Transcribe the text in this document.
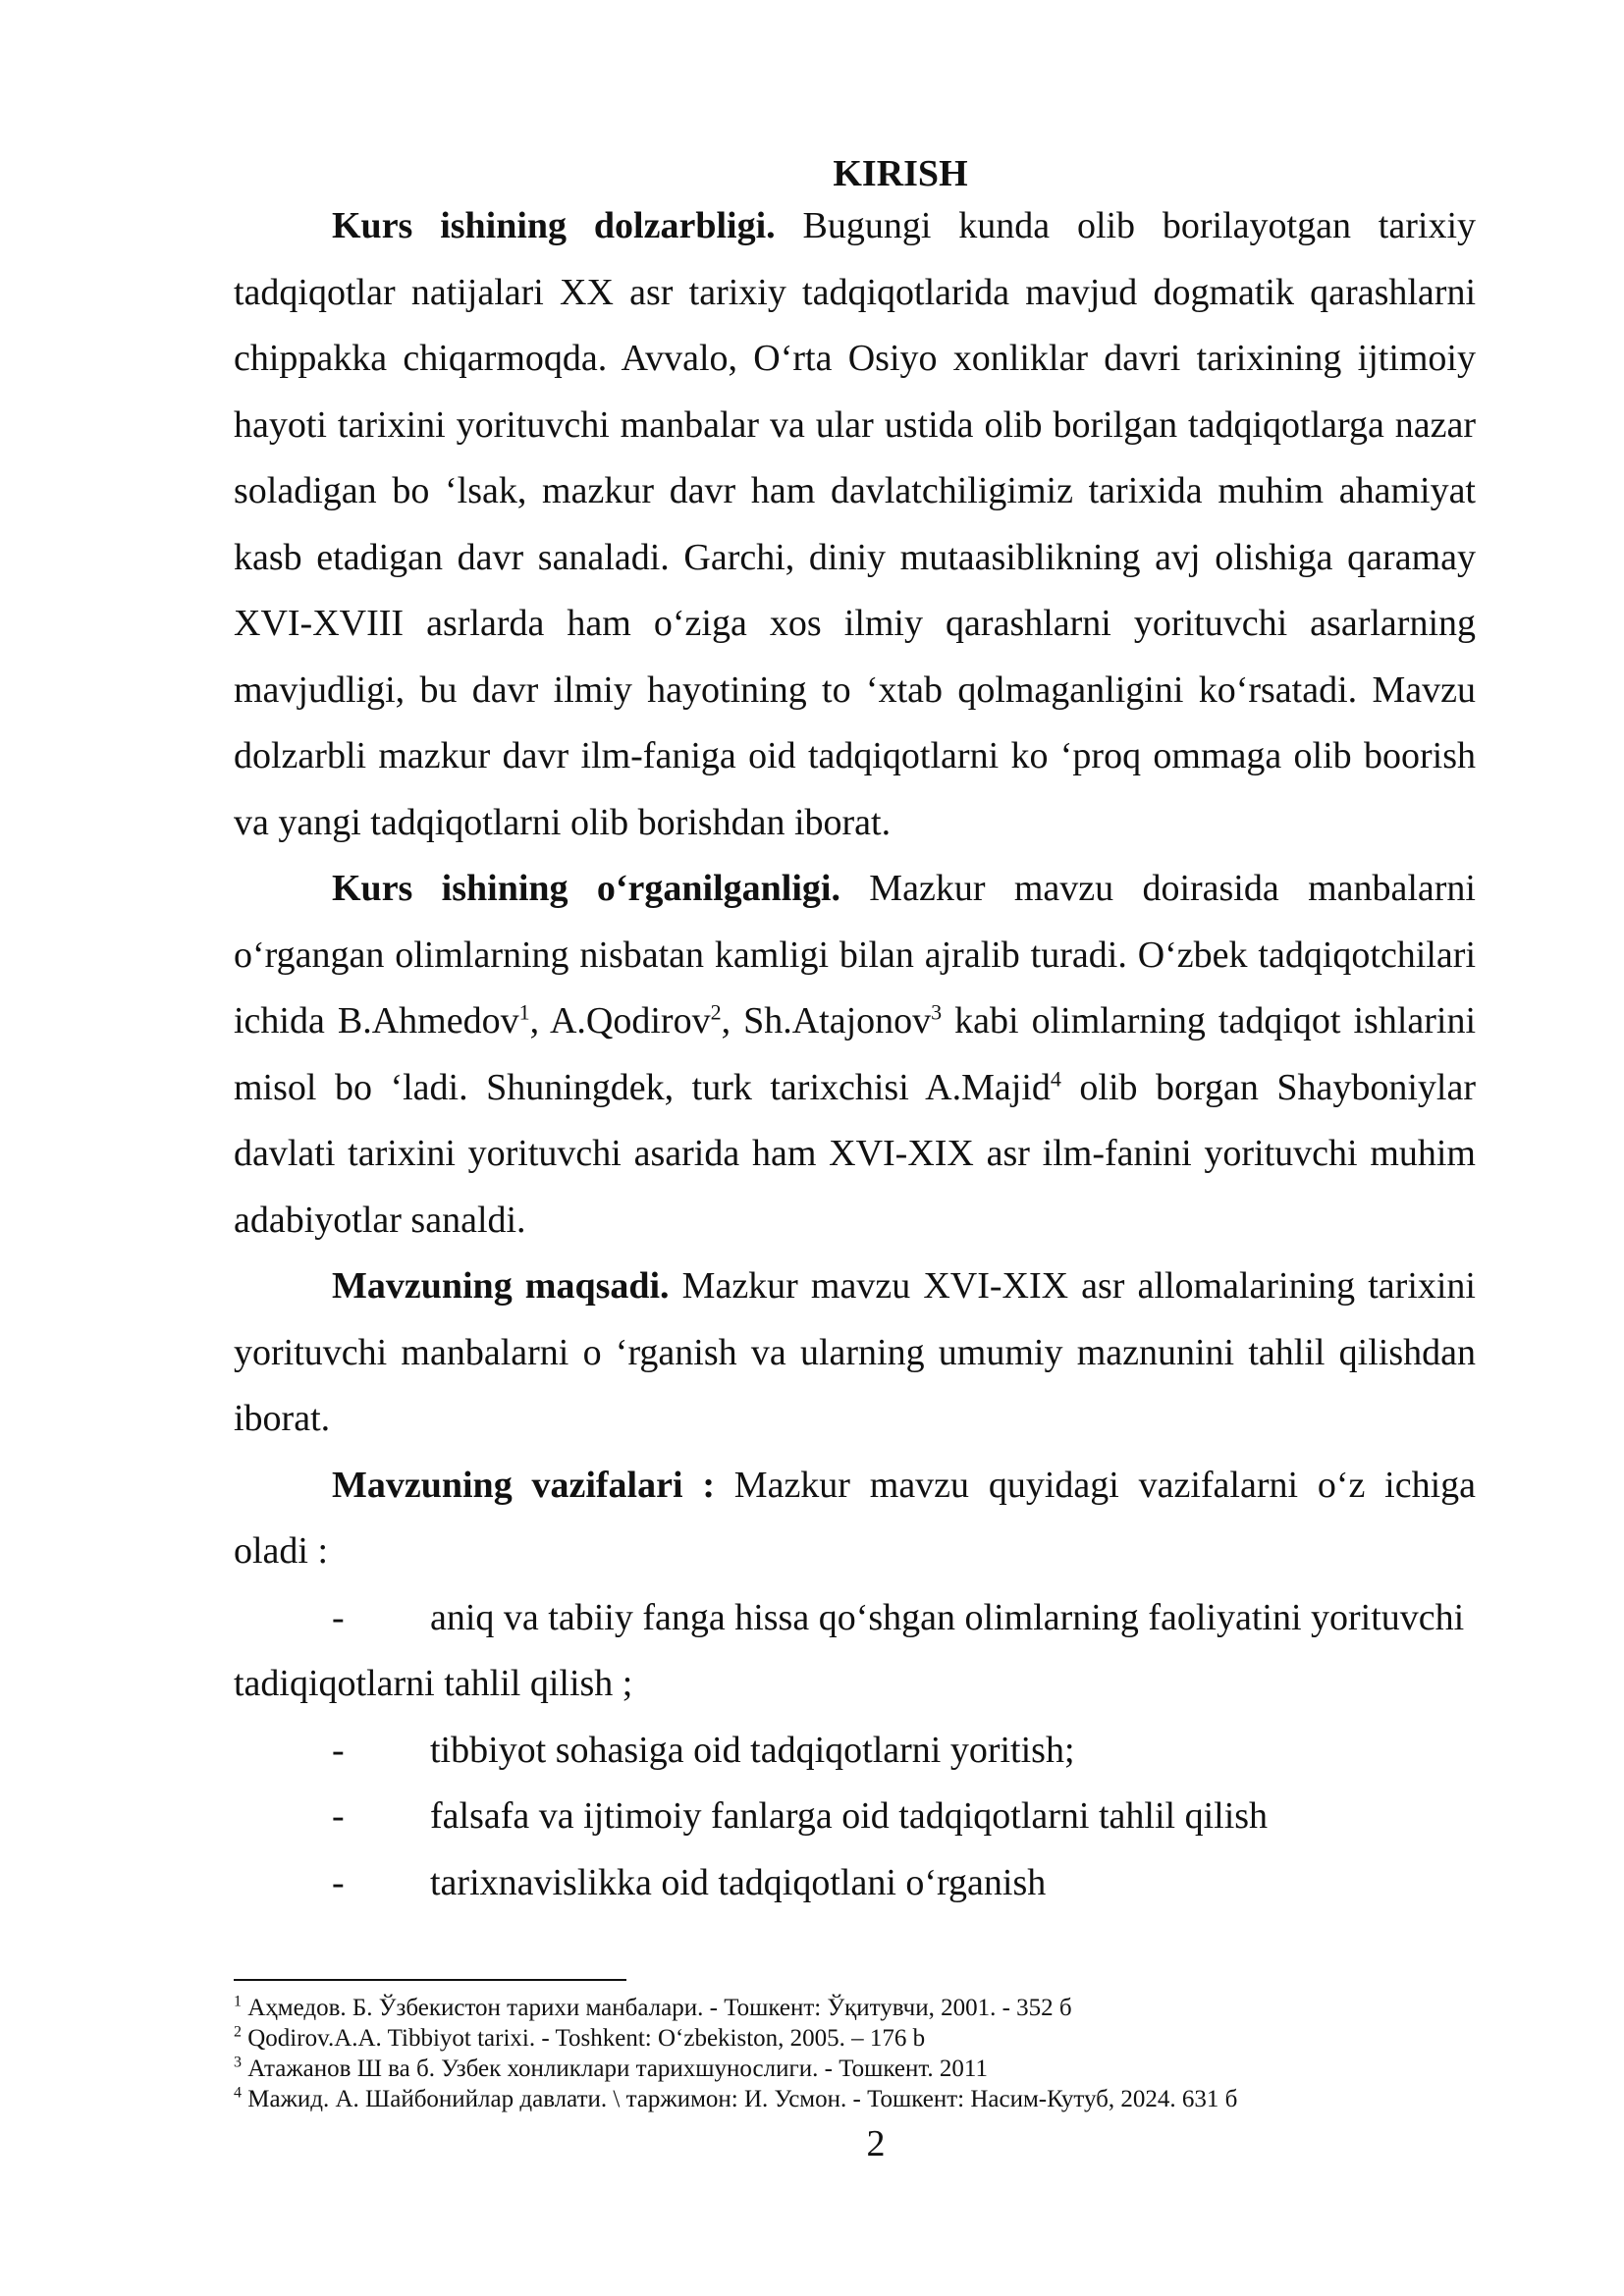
KIRISH

Kurs ishining dolzarbligi. Bugungi kunda olib borilayotgan tarixiy tadqiqotlar natijalari XX asr tarixiy tadqiqotlarida mavjud dogmatik qarashlarni chippakka chiqarmoqda. Avvalo, O‘rta Osiyo xonliklar davri tarixining ijtimoiy hayoti tarixini yorituvchi manbalar va ular ustida olib borilgan tadqiqotlarga nazar soladigan bo ‘lsak, mazkur davr ham davlatchiligimiz tarixida muhim ahamiyat kasb etadigan davr sanaladi. Garchi, diniy mutaasiblikning avj olishiga qaramay XVI-XVIII asrlarda ham o‘ziga xos ilmiy qarashlarni yorituvchi asarlarning mavjudligi, bu davr ilmiy hayotining to ‘xtab qolmaganligini ko‘rsatadi. Mavzu dolzarbli mazkur davr ilm-faniga oid tadqiqotlarni ko ‘proq ommaga olib boorish va yangi tadqiqotlarni olib borishdan iborat.

Kurs ishining o‘rganilganligi. Mazkur mavzu doirasida manbalarni o‘rgangan olimlarning nisbatan kamligi bilan ajralib turadi. O‘zbek tadqiqotchilari ichida B.Ahmedov$^1$, A.Qodirov$^2$, Sh.Atajonov$^3$ kabi olimlarning tadqiqot ishlarini misol bo ‘ladi. Shuningdek, turk tarixchisi A.Majid$^4$ olib borgan Shayboniylar davlati tarixini yorituvchi asarida ham XVI-XIX asr ilm-fanini yorituvchi muhim adabiyotlar sanaldi.

Mavzuning maqsadi. Mazkur mavzu XVI-XIX asr allomalarining tarixini yorituvchi manbalarni o ‘rganish va ularning umumiy maznunini tahlil qilishdan iborat.

Mavzuning vazifalari : Mazkur mavzu quyidagi vazifalarni o‘z ichiga oladi :

- aniq va tabiiy fanga hissa qo‘shgan olimlarning faoliyatini yorituvchi
tadiqiqotlarni tahlil qilish ;
- tibbiyot sohasiga oid tadqiqotlarni yoritish;
- falsafa va ijtimoiy fanlarga oid tadqiqotlarni tahlil qilish
- tarixnavislikka oid tadqiqotlani o‘rganish
$^1$ Аҳмедов. Б. Ўзбекистон тарихи манбалари. - Тошкент: Ўқитувчи, 2001. - 352 б
$^2$ Qodirov.A.A. Tibbiyot tarixi. - Toshkent: O‘zbekiston, 2005. – 176 b
$^3$ Атажанов Ш ва б. Узбек хонликлари тарихшунослиги. - Тошкент. 2011
$^4$ Мажид. А. Шайбонийлар давлати. \ таржимон: И. Усмон. - Тошкент: Насим-Кутуб, 2024. 631 б
2
